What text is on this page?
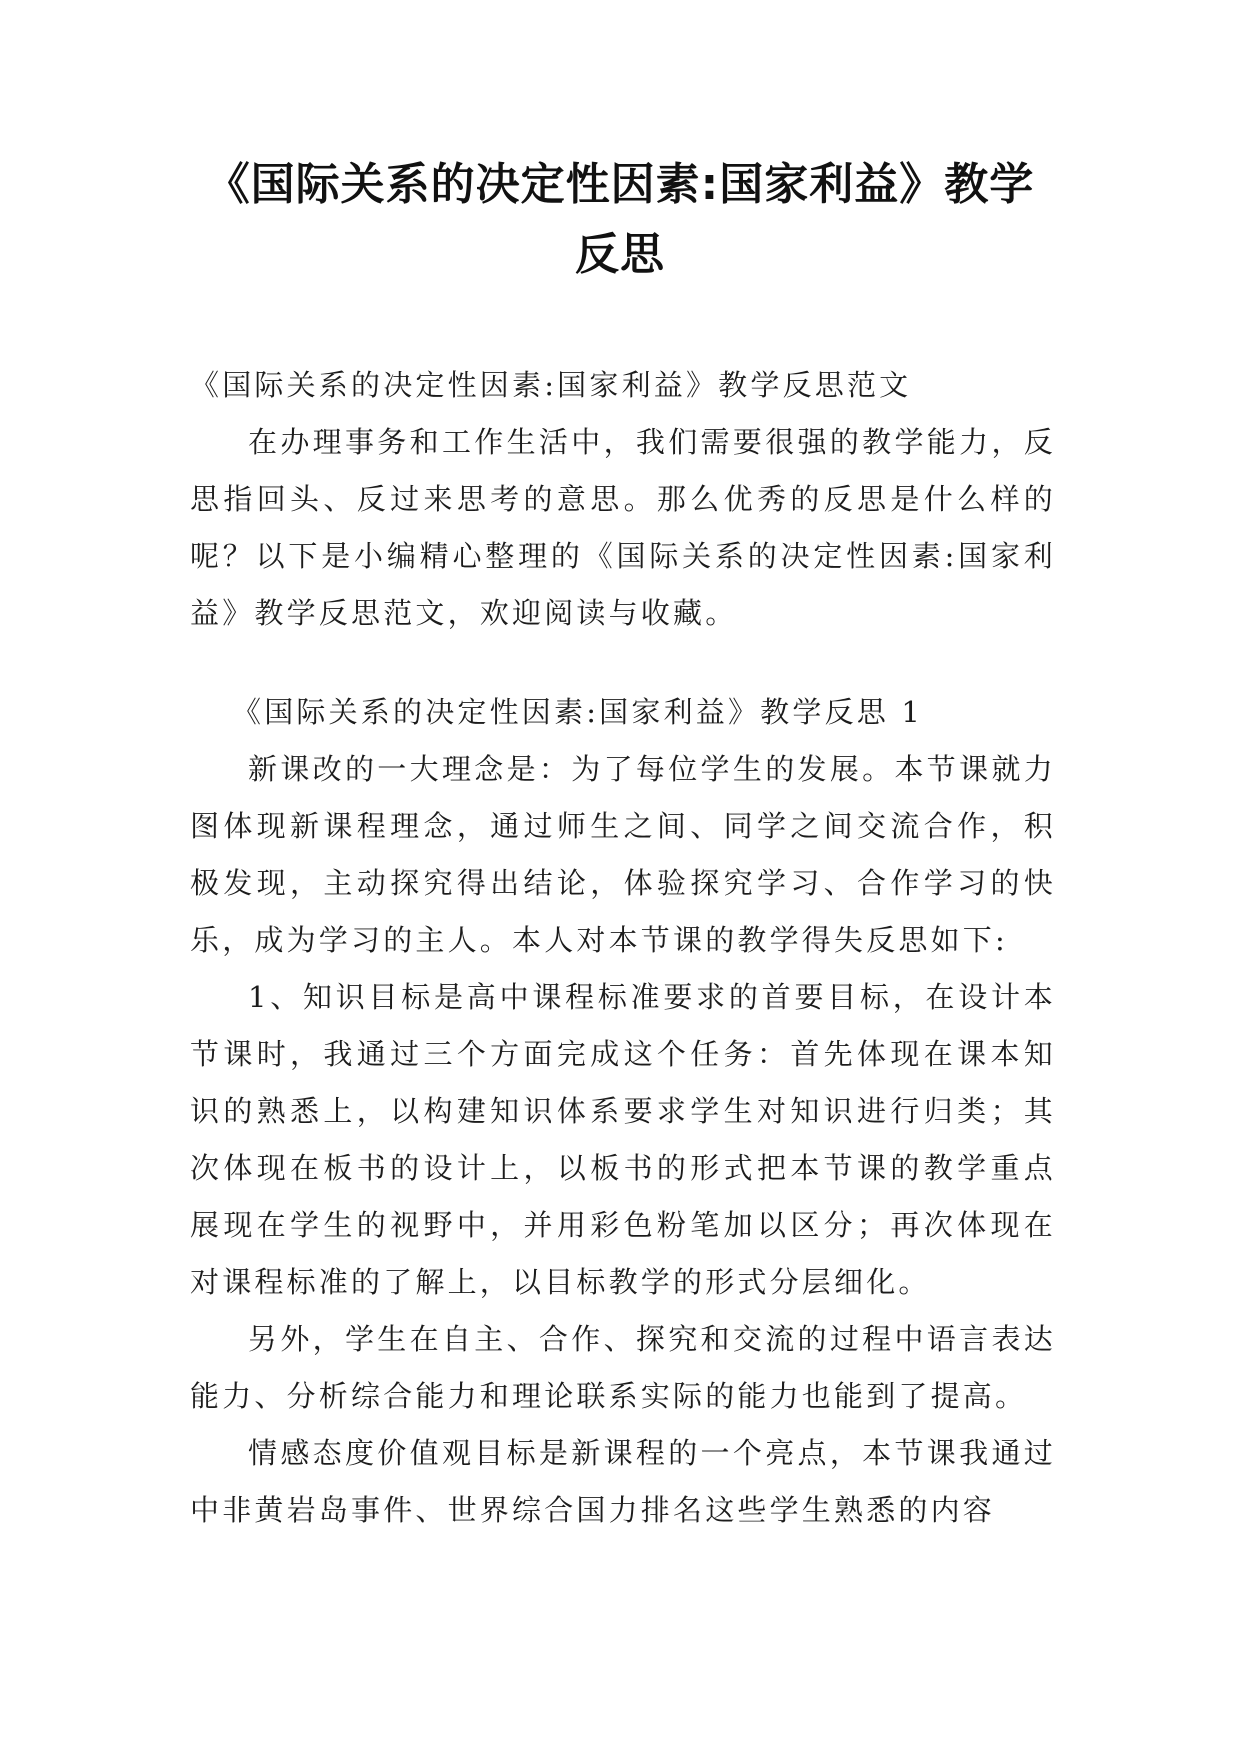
《国际关系的决定性因素:国家利益》教学
反思

《国际关系的决定性因素:国家利益》教学反思范文

在办理事务和工作生活中，我们需要很强的教学能力，反思指回头、反过来思考的意思。那么优秀的反思是什么样的呢？以下是小编精心整理的《国际关系的决定性因素:国家利益》教学反思范文，欢迎阅读与收藏。

《国际关系的决定性因素:国家利益》教学反思 1

新课改的一大理念是：为了每位学生的发展。本节课就力图体现新课程理念，通过师生之间、同学之间交流合作，积极发现，主动探究得出结论，体验探究学习、合作学习的快乐，成为学习的主人。本人对本节课的教学得失反思如下:

1、知识目标是高中课程标准要求的首要目标，在设计本节课时，我通过三个方面完成这个任务：首先体现在课本知识的熟悉上，以构建知识体系要求学生对知识进行归类；其次体现在板书的设计上，以板书的形式把本节课的教学重点展现在学生的视野中，并用彩色粉笔加以区分；再次体现在对课程标准的了解上，以目标教学的形式分层细化。

另外，学生在自主、合作、探究和交流的过程中语言表达能力、分析综合能力和理论联系实际的能力也能到了提高。

情感态度价值观目标是新课程的一个亮点，本节课我通过中非黄岩岛事件、世界综合国力排名这些学生熟悉的内容
